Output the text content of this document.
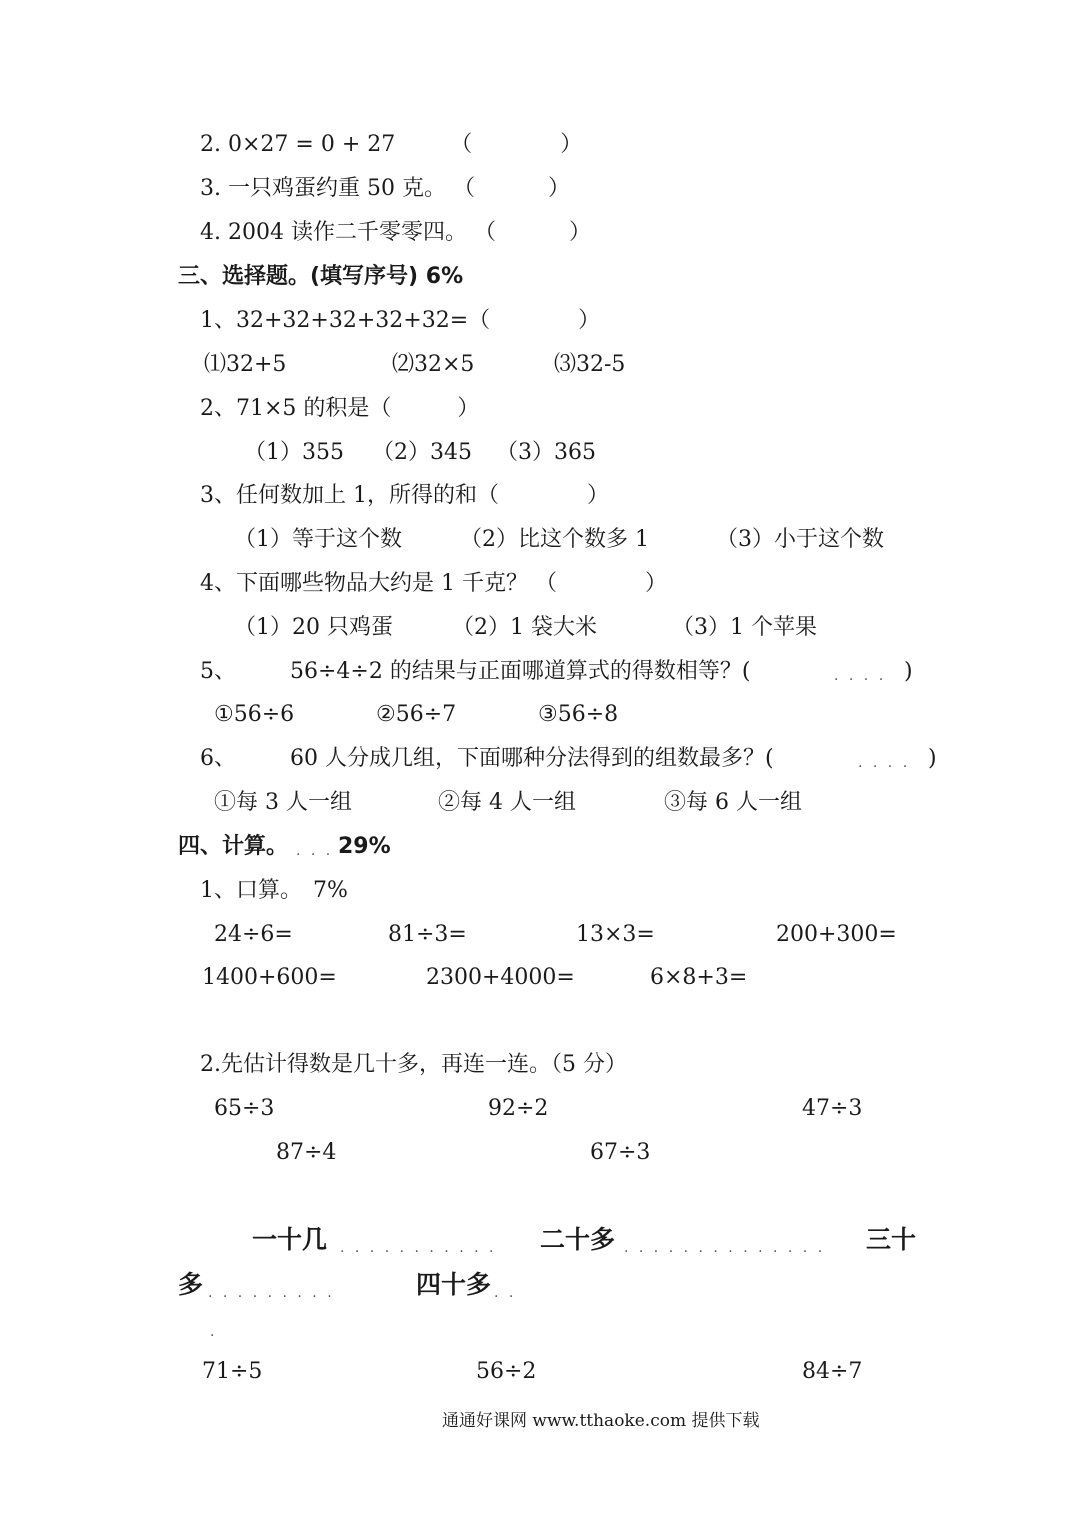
2. 0×27 = 0 + 27　　　（　　　　）
3. 一只鸡蛋约重 50 克。 （　　　 ）
4. 2004 读作二千零零四。 （　　　 ）
三、选择题。(填写序号) 6%
1、32+32+32+32+32=（　　　　）
⑴32+5	⑵32×5	⑶32-5
2、71×5 的积是（　　　）
（1）355 （2）345 （3）365
3、任何数加上 1，所得的和（　　　　）
（1）等于这个数	（2）比这个数多 1	（3）小于这个数
4、下面哪些物品大约是 1 千克？ （　　　　）
（1）20 只鸡蛋	（2）1 袋大米	（3）1 个苹果
5、 56÷4÷2 的结果与正面哪道算式的得数相等？(	. . . . )
①56÷6	②56÷7	③56÷8
6、 60 人分成几组，下面哪种分法得到的组数最多？(	. . . . )
①每 3 人一组	②每 4 人一组	③每 6 人一组
四、计算。 . . . 29%
1、口算。　7%
24÷6=	81÷3=	13×3=	200+300=
1400+600=	2300+4000=	6×8+3=
2.先估计得数是几十多，再连一连。（5 分）
65÷3	92÷2	47÷3
87÷4	67÷3
一十几 . . . . . . . . . . . 二十多 . . . . . . . . . . . . . . 三十
多 . . . . . . . . .	四十多 . .
.
71÷5	56÷2	84÷7
通通好课网 www.tthaoke.com 提供下载
